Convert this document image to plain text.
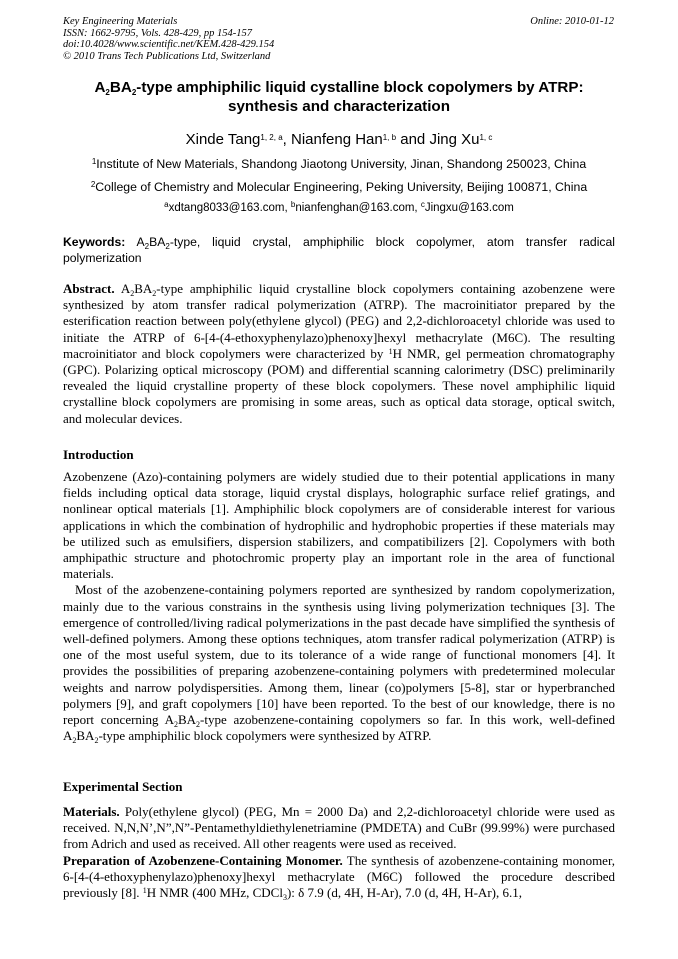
Key Engineering Materials
ISSN: 1662-9795, Vols. 428-429, pp 154-157
doi:10.4028/www.scientific.net/KEM.428-429.154
© 2010 Trans Tech Publications Ltd, Switzerland
Online: 2010-01-12
$A_2BA_2$-type amphiphilic liquid cystalline block copolymers by ATRP:
synthesis and characterization
Xinde Tang$^{1, 2, a}$, Nianfeng Han$^{1, b}$ and Jing Xu$^{1, c}$
$^1$Institute of New Materials, Shandong Jiaotong University, Jinan, Shandong 250023, China
$^2$College of Chemistry and Molecular Engineering, Peking University, Beijing 100871, China
$^a$xdtang8033@163.com, $^b$nianfenghan@163.com, $^c$Jingxu@163.com
Keywords: $A_2BA_2$-type, liquid crystal, amphiphilic block copolymer, atom transfer radical polymerization

Abstract. $A_2BA_2$-type amphiphilic liquid crystalline block copolymers containing azobenzene were synthesized by atom transfer radical polymerization (ATRP). The macroinitiator prepared by the esterification reaction between poly(ethylene glycol) (PEG) and 2,2-dichloroacetyl chloride was used to initiate the ATRP of 6-[4-(4-ethoxyphenylazo)phenoxy]hexyl methacrylate (M6C). The resulting macroinitiator and block copolymers were characterized by $^1$H NMR, gel permeation chromatography (GPC). Polarizing optical microscopy (POM) and differential scanning calorimetry (DSC) preliminarily revealed the liquid crystalline property of these block copolymers. These novel amphiphilic liquid crystalline block copolymers are promising in some areas, such as optical data storage, optical switch, and molecular devices.

Introduction

Azobenzene (Azo)-containing polymers are widely studied due to their potential applications in many fields including optical data storage, liquid crystal displays, holographic surface relief gratings, and nonlinear optical materials [1]. Amphiphilic block copolymers are of considerable interest for various applications in which the combination of hydrophilic and hydrophobic properties if these materials may be utilized such as emulsifiers, dispersion stabilizers, and compatibilizers [2]. Copolymers with both amphipathic structure and photochromic property play an important role in the area of functional materials.

Most of the azobenzene-containing polymers reported are synthesized by random copolymerization, mainly due to the various constrains in the synthesis using living polymerization techniques [3]. The emergence of controlled/living radical polymerizations in the past decade have simplified the synthesis of well-defined polymers. Among these options techniques, atom transfer radical polymerization (ATRP) is one of the most useful system, due to its tolerance of a wide range of functional monomers [4]. It provides the possibilities of preparing azobenzene-containing polymers with predetermined molecular weights and narrow polydispersities. Among them, linear (co)polymers [5-8], star or hyperbranched polymers [9], and graft copolymers [10] have been reported. To the best of our knowledge, there is no report concerning $A_2BA_2$-type azobenzene-containing copolymers so far. In this work, well-defined $A_2BA_2$-type amphiphilic block copolymers were synthesized by ATRP.

Experimental Section

Materials. Poly(ethylene glycol) (PEG, Mn = 2000 Da) and 2,2-dichloroacetyl chloride were used as received. N,N,N’,N”,N”-Pentamethyldiethylenetriamine (PMDETA) and CuBr (99.99%) were purchased from Adrich and used as received. All other reagents were used as received.

Preparation of Azobenzene-Containing Monomer. The synthesis of azobenzene-containing monomer, 6-[4-(4-ethoxyphenylazo)phenoxy]hexyl methacrylate (M6C) followed the procedure described previously [8]. $^1$H NMR (400 MHz, CDCl$_3$): δ 7.9 (d, 4H, H-Ar), 7.0 (d, 4H, H-Ar), 6.1,
